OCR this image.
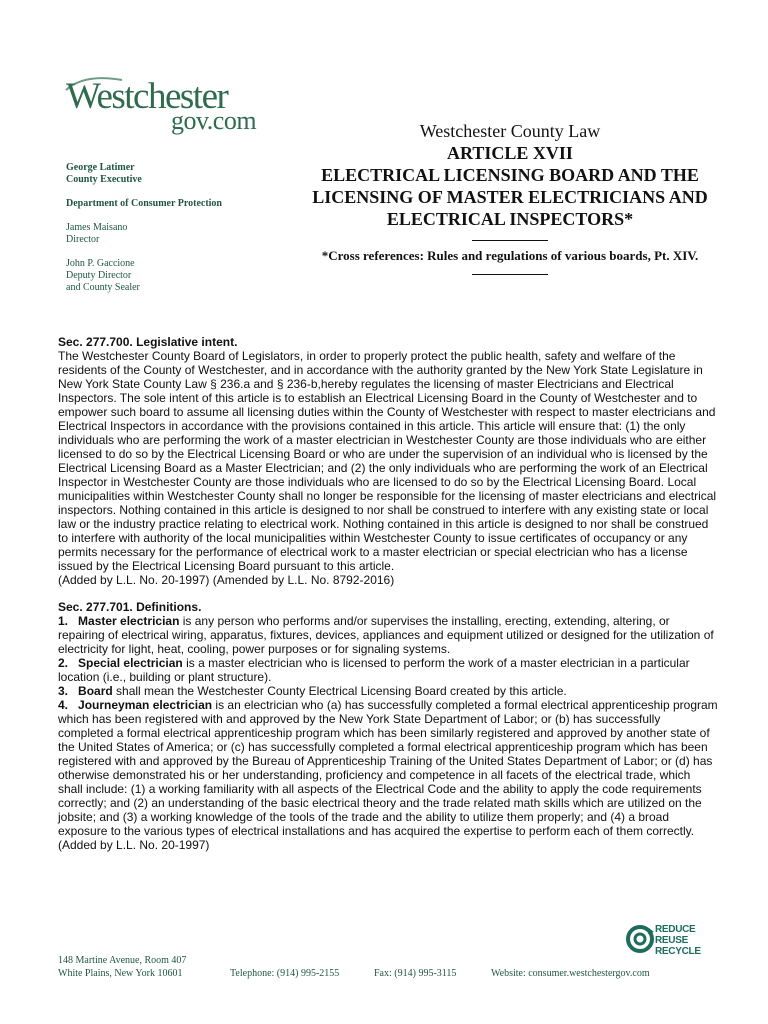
Westchester
gov.com
George Latimer
County Executive
Department of Consumer Protection
James Maisano
Director
John P. Gaccione
Deputy Director
and County Sealer
Westchester County Law
ARTICLE XVII
ELECTRICAL LICENSING BOARD AND THE
LICENSING OF MASTER ELECTRICIANS AND
ELECTRICAL INSPECTORS*
*Cross references: Rules and regulations of various boards, Pt. XIV.

Sec. 277.700. Legislative intent.

The Westchester County Board of Legislators, in order to properly protect the public health, safety and welfare of the residents of the County of Westchester, and in accordance with the authority granted by the New York State Legislature in New York State County Law § 236.a and § 236-b,hereby regulates the licensing of master Electricians and Electrical Inspectors. The sole intent of this article is to establish an Electrical Licensing Board in the County of Westchester and to empower such board to assume all licensing duties within the County of Westchester with respect to master electricians and Electrical Inspectors in accordance with the provisions contained in this article. This article will ensure that: (1) the only individuals who are performing the work of a master electrician in Westchester County are those individuals who are either licensed to do so by the Electrical Licensing Board or who are under the supervision of an individual who is licensed by the Electrical Licensing Board as a Master Electrician; and (2) the only individuals who are performing the work of an Electrical Inspector in Westchester County are those individuals who are licensed to do so by the Electrical Licensing Board. Local municipalities within Westchester County shall no longer be responsible for the licensing of master electricians and electrical inspectors. Nothing contained in this article is designed to nor shall be construed to interfere with any existing state or local law or the industry practice relating to electrical work. Nothing contained in this article is designed to nor shall be construed to interfere with authority of the local municipalities within Westchester County to issue certificates of occupancy or any permits necessary for the performance of electrical work to a master electrician or special electrician who has a license issued by the Electrical Licensing Board pursuant to this article.

(Added by L.L. No. 20-1997) (Amended by L.L. No. 8792-2016)

Sec. 277.701. Definitions.

1. Master electrician is any person who performs and/or supervises the installing, erecting, extending, altering, or repairing of electrical wiring, apparatus, fixtures, devices, appliances and equipment utilized or designed for the utilization of electricity for light, heat, cooling, power purposes or for signaling systems.

2. Special electrician is a master electrician who is licensed to perform the work of a master electrician in a particular location (i.e., building or plant structure).

3. Board shall mean the Westchester County Electrical Licensing Board created by this article.

4. Journeyman electrician is an electrician who (a) has successfully completed a formal electrical apprenticeship program which has been registered with and approved by the New York State Department of Labor; or (b) has successfully completed a formal electrical apprenticeship program which has been similarly registered and approved by another state of the United States of America; or (c) has successfully completed a formal electrical apprenticeship program which has been registered with and approved by the Bureau of Apprenticeship Training of the United States Department of Labor; or (d) has otherwise demonstrated his or her understanding, proficiency and competence in all facets of the electrical trade, which shall include: (1) a working familiarity with all aspects of the Electrical Code and the ability to apply the code requirements correctly; and (2) an understanding of the basic electrical theory and the trade related math skills which are utilized on the jobsite; and (3) a working knowledge of the tools of the trade and the ability to utilize them properly; and (4) a broad exposure to the various types of electrical installations and has acquired the expertise to perform each of them correctly.

(Added by L.L. No. 20-1997)

REDUCE
REUSE
RECYCLE
148 Martine Avenue, Room 407
White Plains, New York 10601	Telephone: (914) 995-2155	Fax: (914) 995-3115	Website: consumer.westchestergov.com
